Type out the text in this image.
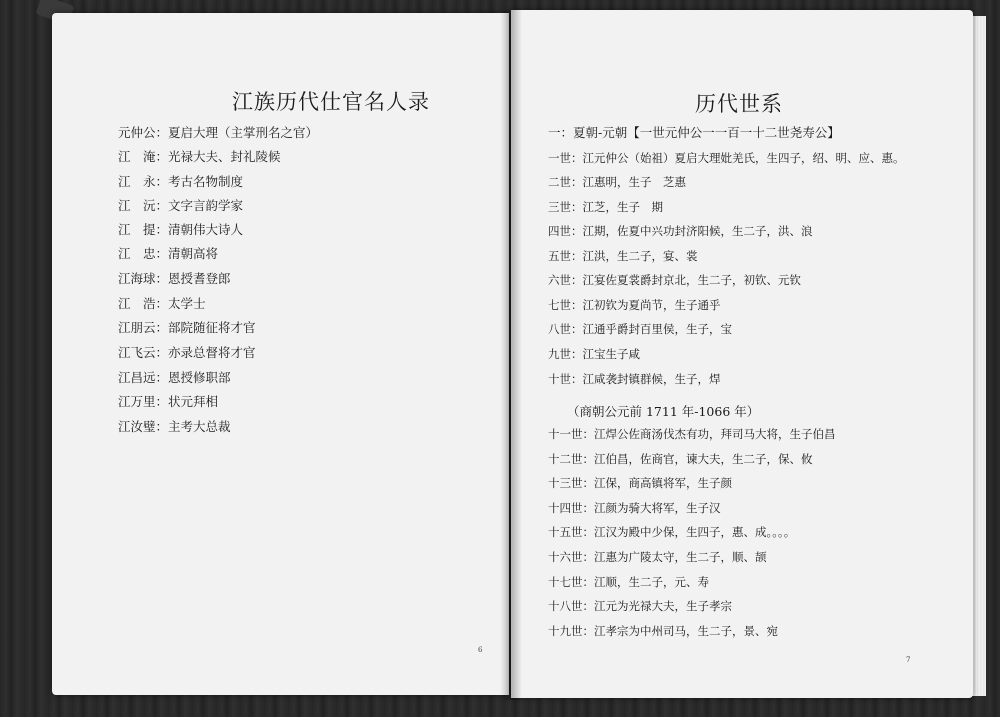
江族历代仕官名人录
元仲公：夏启大理（主掌刑名之官）
江　淹：光禄大夫、封礼陵候
江　永：考古名物制度
江　沅：文字言韵学家
江　提：清朝伟大诗人
江　忠：清朝高将
江海球：恩授耆登郎
江　浩：太学士
江朋云：部院随征将才官
江飞云：亦录总督将才官
江昌远：恩授修职部
江万里：状元拜相
江汝璧：主考大总裁
6
历代世系
一：夏朝-元朝【一世元仲公一一百一十二世尧寿公】
一世：江元仲公（始祖）夏启大理妣羌氏，生四子，绍、明、应、惠。
二世：江惠明，生子　芝惠
三世：江芝，生子　期
四世：江期，佐夏中兴功封济阳候，生二子，洪、浪
五世：江洪，生二子，宴、裳
六世：江宴佐夏裳爵封京北，生二子，初钦、元钦
七世：江初钦为夏尚节，生子通乎
八世：江通乎爵封百里侯，生子，宝
九世：江宝生子咸
十世：江咸袭封镇群候，生子，焊
（商朝公元前 1711 年-1066 年）
十一世：江焊公佐商汤伐杰有功，拜司马大将，生子伯昌
十二世：江伯昌，佐商官，谏大夫，生二子，保、攸
十三世：江保，商高镇将军，生子颜
十四世：江颜为骑大将军，生子汉
十五世：江汉为殿中少保，生四子，惠、成。。。。
十六世：江惠为广陵太守，生二子，顺、颉
十七世：江顺，生二子，元、寿
十八世：江元为光禄大夫，生子孝宗
十九世：江孝宗为中州司马，生二子，景、宛
7
